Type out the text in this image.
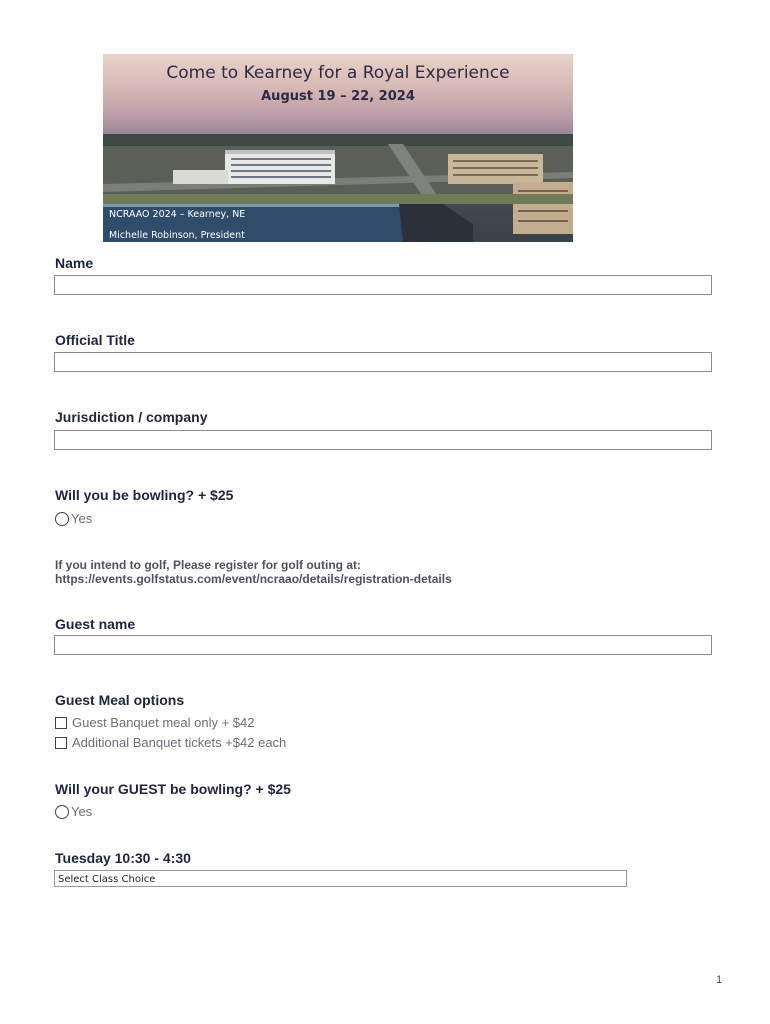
Come to Kearney for a Royal Experience
August 19 – 22, 2024
NCRAAO 2024 – Kearney, NE
Michelle Robinson, President
Name
Official Title
Jurisdiction / company
Will you be bowling? + $25
Yes
If you intend to golf, Please register for golf outing at:
https://events.golfstatus.com/event/ncraao/details/registration-details
Guest name
Guest Meal options
Guest Banquet meal only + $42
Additional Banquet tickets +$42 each
Will your GUEST be bowling? + $25
Yes
Tuesday 10:30 - 4:30
Select Class Choice
1
